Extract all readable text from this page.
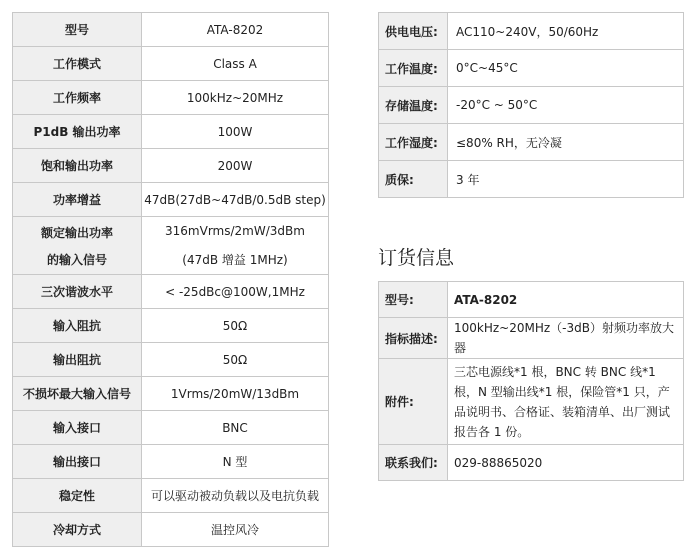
型号	ATA-8202
工作模式	Class A
工作频率	100kHz~20MHz
P1dB 输出功率	100W
饱和输出功率	200W
功率增益	47dB(27dB~47dB/0.5dB step)

额定输出功率
的输入信号	316mVrms/2mW/3dBm
(47dB 增益 1MHz)

三次谐波水平	< -25dBc@100W,1MHz
输入阻抗	50Ω
输出阻抗	50Ω
不损坏最大输入信号	1Vrms/20mW/13dBm
输入接口	BNC
输出接口	N 型
稳定性	可以驱动被动负载以及电抗负载
冷却方式	温控风冷
供电电压:	AC110~240V，50/60Hz
工作温度:	0°C~45°C
存储温度:	-20°C ~ 50°C
工作湿度:	≤80% RH，无冷凝
质保:	3 年
订货信息
型号:	ATA-8202
指标描述:	100kHz~20MHz（-3dB）射频功率放大器
附件:	三芯电源线*1 根，BNC 转 BNC 线*1 根，N 型输出线*1 根，保险管*1 只，产品说明书、合格证、装箱清单、出厂测试报告各 1 份。
联系我们:	029-88865020
